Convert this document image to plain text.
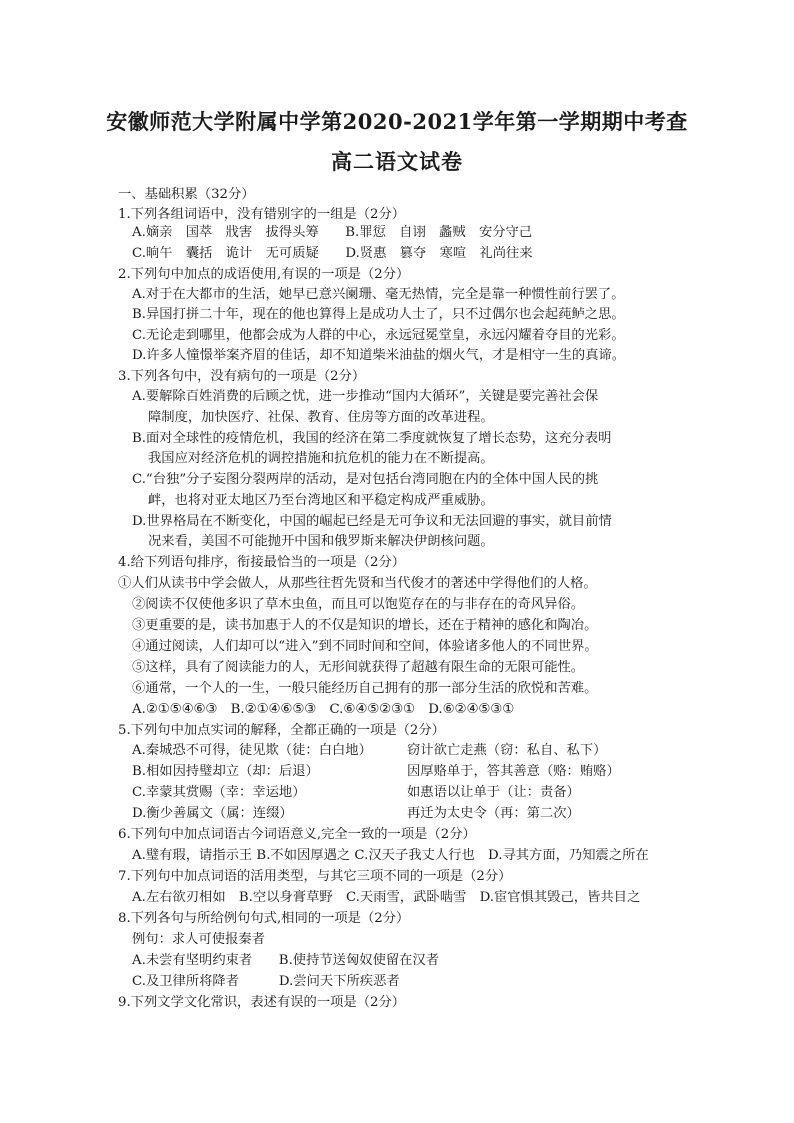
安徽师范大学附属中学第2020-2021学年第一学期期中考查
高二语文试卷
一、基础积累（32分）
1.下列各组词语中，没有错别字的一组是（2分）
A.嫡亲　国萃　戕害　拔得头筹　　B.罪愆　自诩　蠡贼　安分守己
C.晌午　囊括　诡计　无可质疑　　D.贤惠　篡夺　寒喧　礼尚往来
2.下列句中加点的成语使用,有误的一项是（2分）
A.对于在大都市的生活，她早已意兴阑珊、毫无热情，完全是靠一种惯性前行罢了。
B.异国打拼二十年，现在的他也算得上是成功人士了，只不过偶尔也会起莼鲈之思。
C.无论走到哪里，他都会成为人群的中心，永远冠冕堂皇，永远闪耀着夺目的光彩。
D.许多人憧憬举案齐眉的佳话，却不知道柴米油盐的烟火气，才是相守一生的真谛。
3.下列各句中，没有病句的一项是（2分）
A.要解除百姓消费的后顾之忧，进一步推动“国内大循环”，关键是要完善社会保
障制度，加快医疗、社保、教育、住房等方面的改革进程。
B.面对全球性的疫情危机，我国的经济在第二季度就恢复了增长态势，这充分表明
我国应对经济危机的调控措施和抗危机的能力在不断提高。
C.“台独”分子妄图分裂两岸的活动，是对包括台湾同胞在内的全体中国人民的挑
衅，也将对亚太地区乃至台湾地区和平稳定构成严重威胁。
D.世界格局在不断变化，中国的崛起已经是无可争议和无法回避的事实，就目前情
况来看，美国不可能抛开中国和俄罗斯来解决伊朗核问题。
4.给下列语句排序，衔接最恰当的一项是（2分）
①人们从读书中学会做人，从那些往哲先贤和当代俊才的著述中学得他们的人格。
②阅读不仅使他多识了草木虫鱼，而且可以饱览存在的与非存在的奇风异俗。
③更重要的是，读书加惠于人的不仅是知识的增长，还在于精神的感化和陶冶。
④通过阅读，人们却可以“进入”到不同时间和空间，体验诸多他人的不同世界。
⑤这样，具有了阅读能力的人，无形间就获得了超越有限生命的无限可能性。
⑥通常，一个人的一生，一般只能经历自己拥有的那一部分生活的欣悦和苦难。
A.②①⑤④⑥③　B.②①④⑥⑤③　C.⑥④⑤②③①　D.⑥②④⑤③①
5.下列句中加点实词的解释，全都正确的一项是（2分）
A.秦城恐不可得，徒见欺（徒：白白地）	窃计欲亡走燕（窃：私自、私下）
B.相如因持璧却立（却：后退）	因厚赂单于，答其善意（赂：贿赂）
C.幸蒙其赏赐（幸：幸运地）	如惠语以让单于（让：责备）
D.衡少善属文（属：连缀）	再迁为太史令（再：第二次）
6.下列句中加点词语古今词语意义,完全一致的一项是（2分）
A.璧有瑕，请指示王 B.不如因厚遇之 C.汉天子我丈人行也　D.寻其方面，乃知震之所在
7.下列句中加点词语的活用类型，与其它三项不同的一项是（2分）
A.左右欲刃相如　B.空以身膏草野　C.天雨雪，武卧啮雪　D.宦官惧其毁己，皆共目之
8.下列各句与所给例句句式,相同的一项是（2分）
例句：求人可使报秦者
A.未尝有坚明约束者　　B.使持节送匈奴使留在汉者
C.及卫律所将降者　　　D.尝问天下所疾恶者
9.下列文学文化常识，表述有误的一项是（2分）
